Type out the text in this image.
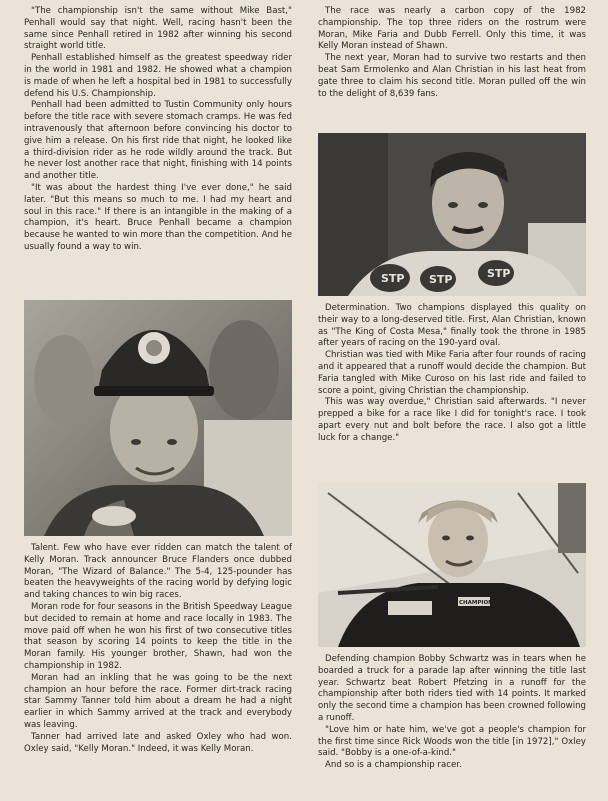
"The championship isn't the same without Mike Bast," Penhall would say that night. Well, racing hasn't been the same since Penhall retired in 1982 after winning his second straight world title.

Penhall established himself as the greatest speedway rider in the world in 1981 and 1982. He showed what a champion is made of when he left a hospital bed in 1981 to successfully defend his U.S. Championship.

Penhall had been admitted to Tustin Community only hours before the title race with severe stomach cramps. He was fed intravenously that afternoon before convincing his doctor to give him a release. On his first ride that night, he looked like a third-division rider as he rode wildly around the track. But he never lost another race that night, finishing with 14 points and another title.

"It was about the hardest thing I've ever done," he said later. "But this means so much to me. I had my heart and soul in this race." If there is an intangible in the making of a champion, it's heart. Bruce Penhall became a champion because he wanted to win more than the competition. And he usually found a way to win.

Talent. Few who have ever ridden can match the talent of Kelly Moran. Track announcer Bruce Flanders once dubbed Moran, "The Wizard of Balance." The 5-4, 125-pounder has beaten the heavyweights of the racing world by defying logic and taking chances to win big races.

Moran rode for four seasons in the British Speedway League but decided to remain at home and race locally in 1983. The move paid off when he won his first of two consecutive titles that season by scoring 14 points to keep the title in the Moran family. His younger brother, Shawn, had won the championship in 1982.

Moran had an inkling that he was going to be the next champion an hour before the race. Former dirt-track racing star Sammy Tanner told him about a dream he had a night earlier in which Sammy arrived at the track and everybody was leaving.

Tanner had arrived late and asked Oxley who had won. Oxley said, "Kelly Moran." Indeed, it was Kelly Moran.

The race was nearly a carbon copy of the 1982 championship. The top three riders on the rostrum were Moran, Mike Faria and Dubb Ferrell. Only this time, it was Kelly Moran instead of Shawn.

The next year, Moran had to survive two restarts and then beat Sam Ermolenko and Alan Christian in his last heat from gate three to claim his second title. Moran pulled off the win to the delight of 8,639 fans.

STP STP	STP

Determination. Two champions displayed this quality on their way to a long-deserved title. First, Alan Christian, known as "The King of Costa Mesa," finally took the throne in 1985 after years of racing on the 190-yard oval.

Christian was tied with Mike Faria after four rounds of racing and it appeared that a runoff would decide the champion. But Faria tangled with Mike Curoso on his last ride and failed to score a point, giving Christian the championship.

This was way overdue," Christian said afterwards. "I never prepped a bike for a race like I did for tonight's race. I took apart every nut and bolt before the race. I also got a little luck for a change."

CHAMPION

Defending champion Bobby Schwartz was in tears when he boarded a truck for a parade lap after winning the title last year. Schwartz beat Robert Pfetzing in a runoff for the championship after both riders tied with 14 points. It marked only the second time a champion has been crowned following a runoff.

"Love him or hate him, we've got a people's champion for the first time since Rick Woods won the title [in 1972]," Oxley said. "Bobby is a one-of-a-kind."

And so is a championship racer.
